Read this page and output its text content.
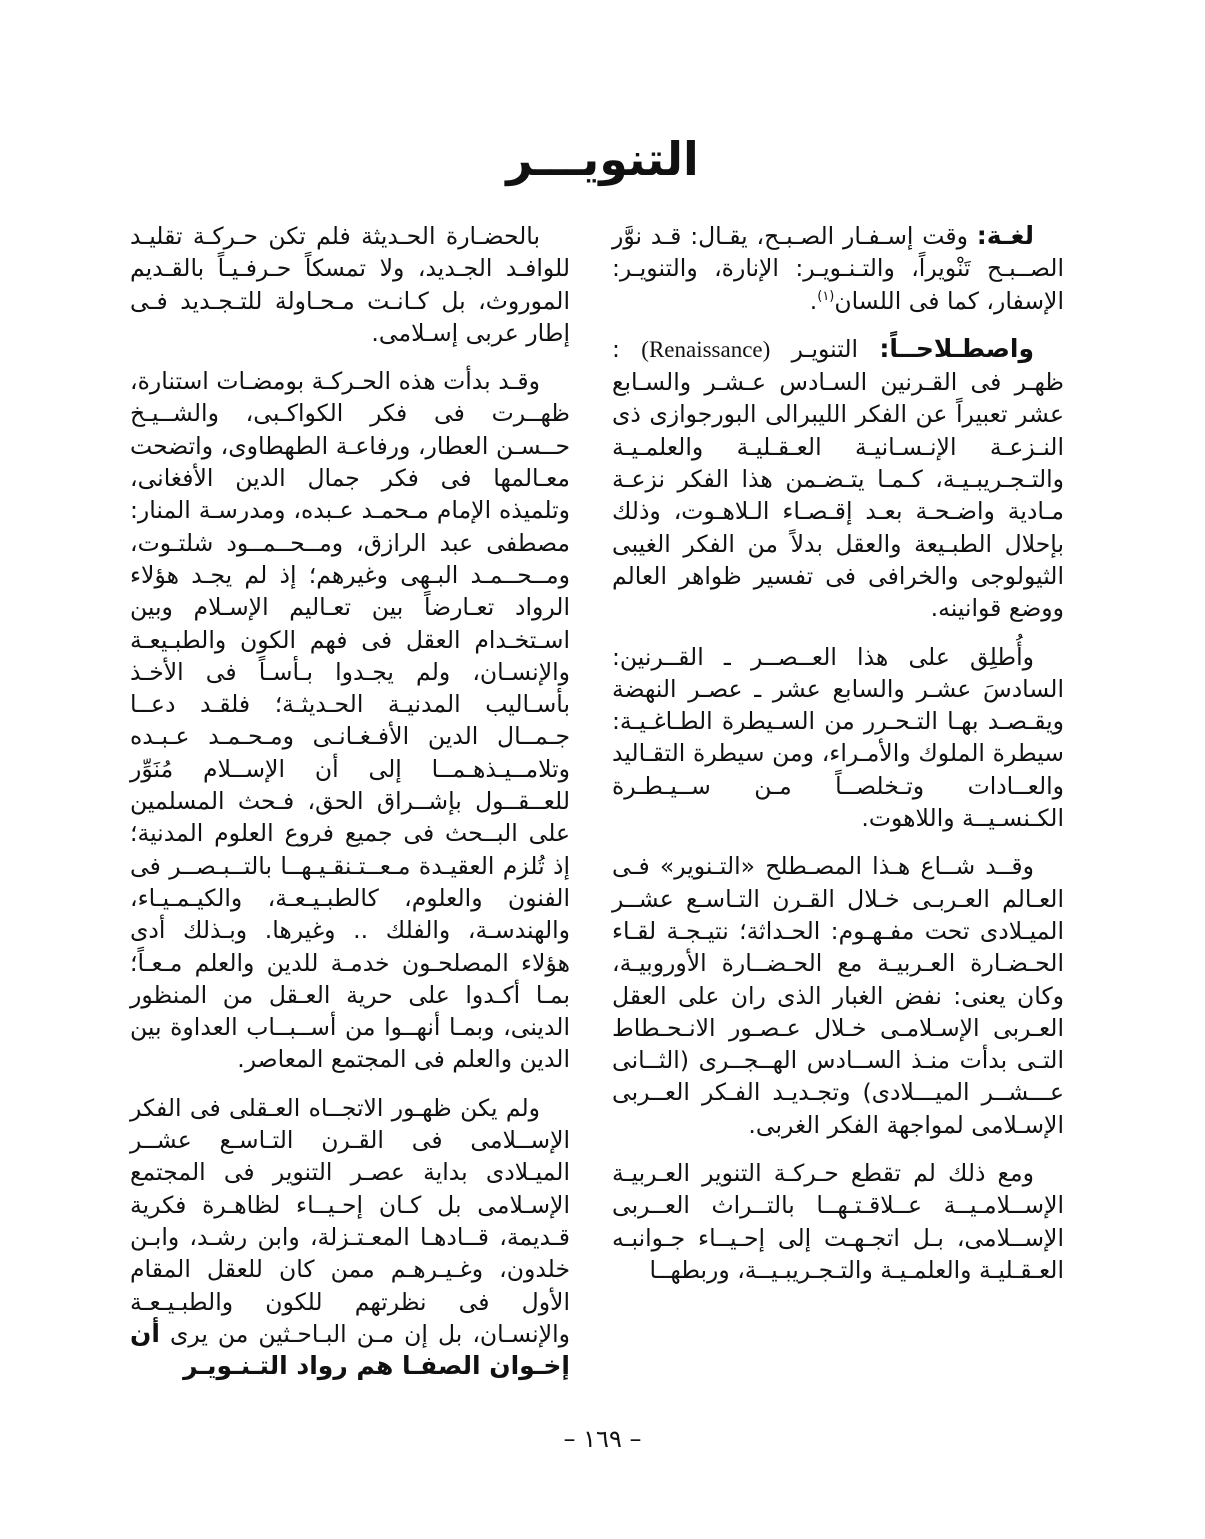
التنويـــر

لغـة: وقت إسـفـار الصـبـح، يقـال: قـد نوَّر الصــبـح تَنْويراً، والتـنـويـر: الإنارة، والتنويـر: الإسفار، كما فى اللسان$^{(١)}$.

واصطـلاحــاً: التنويـر (Renaissance) : ظهـر فى القـرنين السـادس عـشـر والسـابع عشر تعبيراً عن الفكر الليبرالى البورجوازى ذى النـزعـة الإنـسـانيـة العـقـليـة والعلمـيـة والتـجـريبـيـة، كـمـا يتـضـمن هذا الفكر نزعـة مـادية واضـحـة بعـد إقـصـاء الـلاهـوت، وذلك بإحلال الطبـيعة والعقل بدلاً من الفكر الغيبى الثيولوجى والخرافى فى تفسير ظواهر العالم ووضع قوانينه.

وأُطلِق على هذا العــصــر ـ القــرنين: السادسَ عشـر والسابع عشر ـ عصـر النهضة ويقـصـد بهـا التـحـرر من السـيطرة الطـاغـيـة: سيطرة الملوك والأمـراء، ومن سيطرة التقـاليد والعــادات وتـخلصــاً مـن ســيـطـرة الكـنسـيــة واللاهوت.

وقــد شــاع هـذا المصـطلح «التـنوير» فـى العـالم العـربـى خـلال القـرن التـاسـع عشــر الميـلادى تحت مفـهـوم: الحـداثة؛ نتيـجـة لقـاء الحـضـارة العـربيـة مع الحـضــارة الأوروبيـة، وكان يعنى: نفض الغبار الذى ران على العقل العـربى الإسـلامـى خـلال عـصـور الانـحـطاط التـى بدأت منـذ الســادس الهــجــرى (الثــانى عـــشــر الميـــلادى) وتجـديـد الفـكر العــربى الإسـلامى لمواجهة الفكر الغربى.

ومع ذلك لم تقطع حـركـة التنوير العـربيـة الإســلامـيــة عــلاقـتـهــا بالتــراث العــربى الإســلامى، بـل اتجـهـت إلى إحـيــاء جـوانبـه العـقـليـة والعلمـيـة والتـجـريبـيــة، وربطهــا

بالحضـارة الحـديثة فلم تكن حـركـة تقليـد للوافـد الجـديد، ولا تمسكاً حـرفـيـاً بالقـديم الموروث، بل كـانـت مـحـاولة للتـجـديد فـى إطار عربى إسـلامى.

وقـد بدأت هذه الحـركـة بومضـات استنارة، ظهــرت فى فكر الكواكـبى، والشــيـخ حــسـن العطار، ورفاعـة الطهطاوى، واتضحت معـالمها فى فكر جمال الدين الأفغانى، وتلميذه الإمام مـحمـد عـبده، ومدرسـة المنار: مصطفى عبد الرازق، ومــحــمــود شلتـوت، ومــحــمـد البـهى وغيرهم؛ إذ لم يجـد هؤلاء الرواد تعـارضاً بين تعـاليم الإسـلام وبين اسـتخـدام العقل فى فهم الكون والطبـيعـة والإنسـان، ولم يجـدوا بـأسـاً فى الأخـذ بأسـاليب المدنيـة الحـديثـة؛ فلقـد دعــا جـمــال الدين الأفـغـانـى ومـحـمـد عـبـده وتلامــيـذهـمــا إلى أن الإســلام مُنَوِّر للعــقــول بإشــراق الحق، فـحث المسلمين على البــحث فى جميع فروع العلوم المدنية؛ إذ تُلزم العقيـدة مـعــتـنقـيـهــا بالتــبـصــر فى الفنون والعلوم، كالطبـيـعـة، والكيـمـيـاء، والهندسـة، والفلك .. وغيرها. وبـذلك أدى هؤلاء المصلحـون خدمـة للدين والعلم مـعـاً؛ بمـا أكـدوا على حرية العـقل من المنظور الدينى، وبمـا أنهــوا من أســبــاب العداوة بين الدين والعلم فى المجتمع المعاصر.

ولم يكن ظهـور الاتجــاه العـقلى فى الفكر الإســلامى فى القـرن التـاسـع عشــر الميـلادى بداية عصـر التنوير فى المجتمع الإسـلامى بل كـان إحـيــاء لظاهـرة فكرية قـديمة، قــادهـا المعـتـزلة، وابن رشـد، وابـن خلدون، وغـيـرهـم ممن كان للعقل المقام الأول فى نظرتهم للكون والطبـيـعـة والإنسـان، بل إن مـن البـاحـثين من يرى أن إخـوان الصفـا هم رواد التـنـويـر

– ١٦٩ –
